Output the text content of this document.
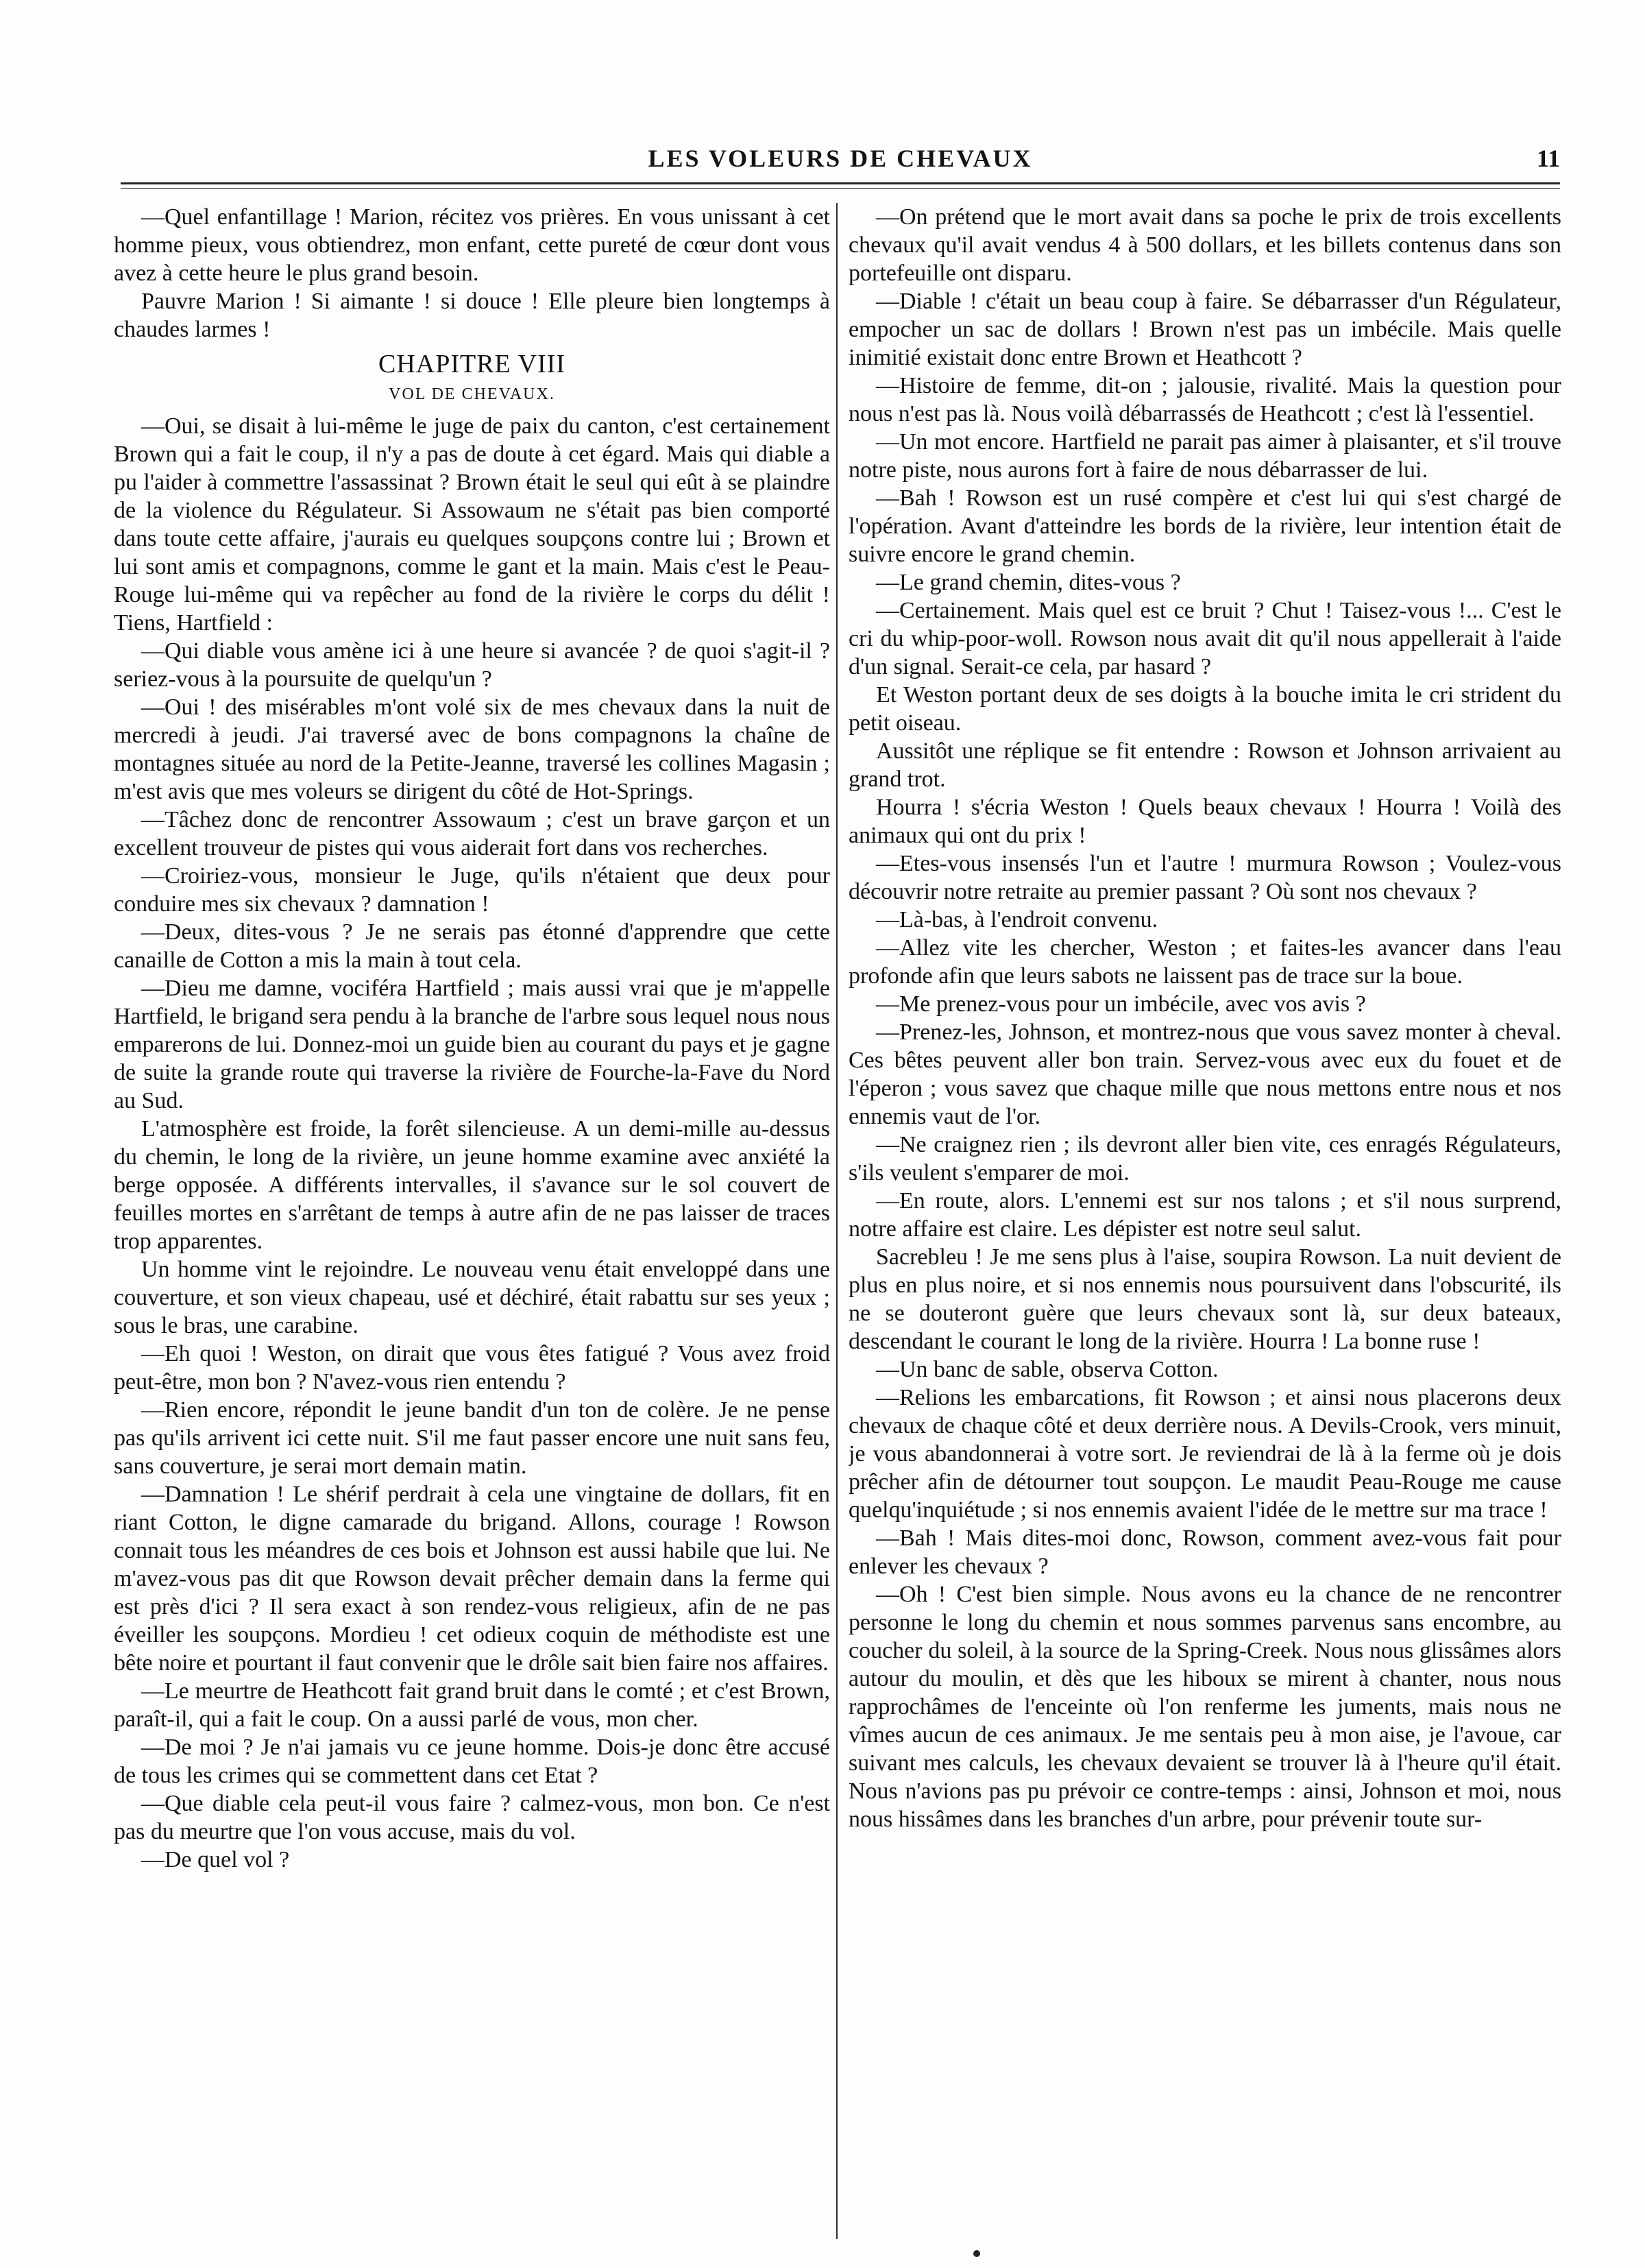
LES VOLEURS DE CHEVAUX	11

—Quel enfantillage ! Marion, récitez vos prières. En vous unissant à cet homme pieux, vous obtiendrez, mon enfant, cette pureté de cœur dont vous avez à cette heure le plus grand besoin.

Pauvre Marion ! Si aimante ! si douce ! Elle pleure bien longtemps à chaudes larmes !

CHAPITRE VIII
VOL DE CHEVAUX.

—Oui, se disait à lui-même le juge de paix du canton, c'est certainement Brown qui a fait le coup, il n'y a pas de doute à cet égard. Mais qui diable a pu l'aider à commettre l'assassinat ? Brown était le seul qui eût à se plaindre de la violence du Régulateur. Si Assowaum ne s'était pas bien comporté dans toute cette affaire, j'aurais eu quelques soupçons contre lui ; Brown et lui sont amis et compagnons, comme le gant et la main. Mais c'est le Peau-Rouge lui-même qui va repêcher au fond de la rivière le corps du délit ! Tiens, Hartfield :

—Qui diable vous amène ici à une heure si avancée ? de quoi s'agit-il ? seriez-vous à la poursuite de quelqu'un ?

—Oui ! des misérables m'ont volé six de mes chevaux dans la nuit de mercredi à jeudi. J'ai traversé avec de bons compagnons la chaîne de montagnes située au nord de la Petite-Jeanne, traversé les collines Magasin ; m'est avis que mes voleurs se dirigent du côté de Hot-Springs.

—Tâchez donc de rencontrer Assowaum ; c'est un brave garçon et un excellent trouveur de pistes qui vous aiderait fort dans vos recherches.

—Croiriez-vous, monsieur le Juge, qu'ils n'étaient que deux pour conduire mes six chevaux ? damnation !

—Deux, dites-vous ? Je ne serais pas étonné d'apprendre que cette canaille de Cotton a mis la main à tout cela.

—Dieu me damne, vociféra Hartfield ; mais aussi vrai que je m'appelle Hartfield, le brigand sera pendu à la branche de l'arbre sous lequel nous nous emparerons de lui. Donnez-moi un guide bien au courant du pays et je gagne de suite la grande route qui traverse la rivière de Fourche-la-Fave du Nord au Sud.

L'atmosphère est froide, la forêt silencieuse. A un demi-mille au-dessus du chemin, le long de la rivière, un jeune homme examine avec anxiété la berge opposée. A différents intervalles, il s'avance sur le sol couvert de feuilles mortes en s'arrêtant de temps à autre afin de ne pas laisser de traces trop apparentes.

Un homme vint le rejoindre. Le nouveau venu était enveloppé dans une couverture, et son vieux chapeau, usé et déchiré, était rabattu sur ses yeux ; sous le bras, une carabine.

—Eh quoi ! Weston, on dirait que vous êtes fatigué ? Vous avez froid peut-être, mon bon ? N'avez-vous rien entendu ?

—Rien encore, répondit le jeune bandit d'un ton de colère. Je ne pense pas qu'ils arrivent ici cette nuit. S'il me faut passer encore une nuit sans feu, sans couverture, je serai mort demain matin.

—Damnation ! Le shérif perdrait à cela une vingtaine de dollars, fit en riant Cotton, le digne camarade du brigand. Allons, courage ! Rowson connait tous les méandres de ces bois et Johnson est aussi habile que lui. Ne m'avez-vous pas dit que Rowson devait prêcher demain dans la ferme qui est près d'ici ? Il sera exact à son rendez-vous religieux, afin de ne pas éveiller les soupçons. Mordieu ! cet odieux coquin de méthodiste est une bête noire et pourtant il faut convenir que le drôle sait bien faire nos affaires.

—Le meurtre de Heathcott fait grand bruit dans le comté ; et c'est Brown, paraît-il, qui a fait le coup. On a aussi parlé de vous, mon cher.

—De moi ? Je n'ai jamais vu ce jeune homme. Dois-je donc être accusé de tous les crimes qui se commettent dans cet Etat ?

—Que diable cela peut-il vous faire ? calmez-vous, mon bon. Ce n'est pas du meurtre que l'on vous accuse, mais du vol.

—De quel vol ?

—On prétend que le mort avait dans sa poche le prix de trois excellents chevaux qu'il avait vendus 4 à 500 dollars, et les billets contenus dans son portefeuille ont disparu.

—Diable ! c'était un beau coup à faire. Se débarrasser d'un Régulateur, empocher un sac de dollars ! Brown n'est pas un imbécile. Mais quelle inimitié existait donc entre Brown et Heathcott ?

—Histoire de femme, dit-on ; jalousie, rivalité. Mais la question pour nous n'est pas là. Nous voilà débarrassés de Heathcott ; c'est là l'essentiel.

—Un mot encore. Hartfield ne parait pas aimer à plaisanter, et s'il trouve notre piste, nous aurons fort à faire de nous débarrasser de lui.

—Bah ! Rowson est un rusé compère et c'est lui qui s'est chargé de l'opération. Avant d'atteindre les bords de la rivière, leur intention était de suivre encore le grand chemin.

—Le grand chemin, dites-vous ?

—Certainement. Mais quel est ce bruit ? Chut ! Taisez-vous !... C'est le cri du whip-poor-woll. Rowson nous avait dit qu'il nous appellerait à l'aide d'un signal. Serait-ce cela, par hasard ?

Et Weston portant deux de ses doigts à la bouche imita le cri strident du petit oiseau.

Aussitôt une réplique se fit entendre : Rowson et Johnson arrivaient au grand trot.

Hourra ! s'écria Weston ! Quels beaux chevaux ! Hourra ! Voilà des animaux qui ont du prix !

—Etes-vous insensés l'un et l'autre ! murmura Rowson ; Voulez-vous découvrir notre retraite au premier passant ? Où sont nos chevaux ?

—Là-bas, à l'endroit convenu.

—Allez vite les chercher, Weston ; et faites-les avancer dans l'eau profonde afin que leurs sabots ne laissent pas de trace sur la boue.

—Me prenez-vous pour un imbécile, avec vos avis ?

—Prenez-les, Johnson, et montrez-nous que vous savez monter à cheval. Ces bêtes peuvent aller bon train. Servez-vous avec eux du fouet et de l'éperon ; vous savez que chaque mille que nous mettons entre nous et nos ennemis vaut de l'or.

—Ne craignez rien ; ils devront aller bien vite, ces enragés Régulateurs, s'ils veulent s'emparer de moi.

—En route, alors. L'ennemi est sur nos talons ; et s'il nous surprend, notre affaire est claire. Les dépister est notre seul salut.

Sacrebleu ! Je me sens plus à l'aise, soupira Rowson. La nuit devient de plus en plus noire, et si nos ennemis nous poursuivent dans l'obscurité, ils ne se douteront guère que leurs chevaux sont là, sur deux bateaux, descendant le courant le long de la rivière. Hourra ! La bonne ruse !

—Un banc de sable, observa Cotton.

—Relions les embarcations, fit Rowson ; et ainsi nous placerons deux chevaux de chaque côté et deux derrière nous. A Devils-Crook, vers minuit, je vous abandonnerai à votre sort. Je reviendrai de là à la ferme où je dois prêcher afin de détourner tout soupçon. Le maudit Peau-Rouge me cause quelqu'inquiétude ; si nos ennemis avaient l'idée de le mettre sur ma trace !

—Bah ! Mais dites-moi donc, Rowson, comment avez-vous fait pour enlever les chevaux ?

—Oh ! C'est bien simple. Nous avons eu la chance de ne rencontrer personne le long du chemin et nous sommes parvenus sans encombre, au coucher du soleil, à la source de la Spring-Creek. Nous nous glissâmes alors autour du moulin, et dès que les hiboux se mirent à chanter, nous nous rapprochâmes de l'enceinte où l'on renferme les juments, mais nous ne vîmes aucun de ces animaux. Je me sentais peu à mon aise, je l'avoue, car suivant mes calculs, les chevaux devaient se trouver là à l'heure qu'il était. Nous n'avions pas pu prévoir ce contre-temps : ainsi, Johnson et moi, nous nous hissâmes dans les branches d'un arbre, pour prévenir toute sur-
